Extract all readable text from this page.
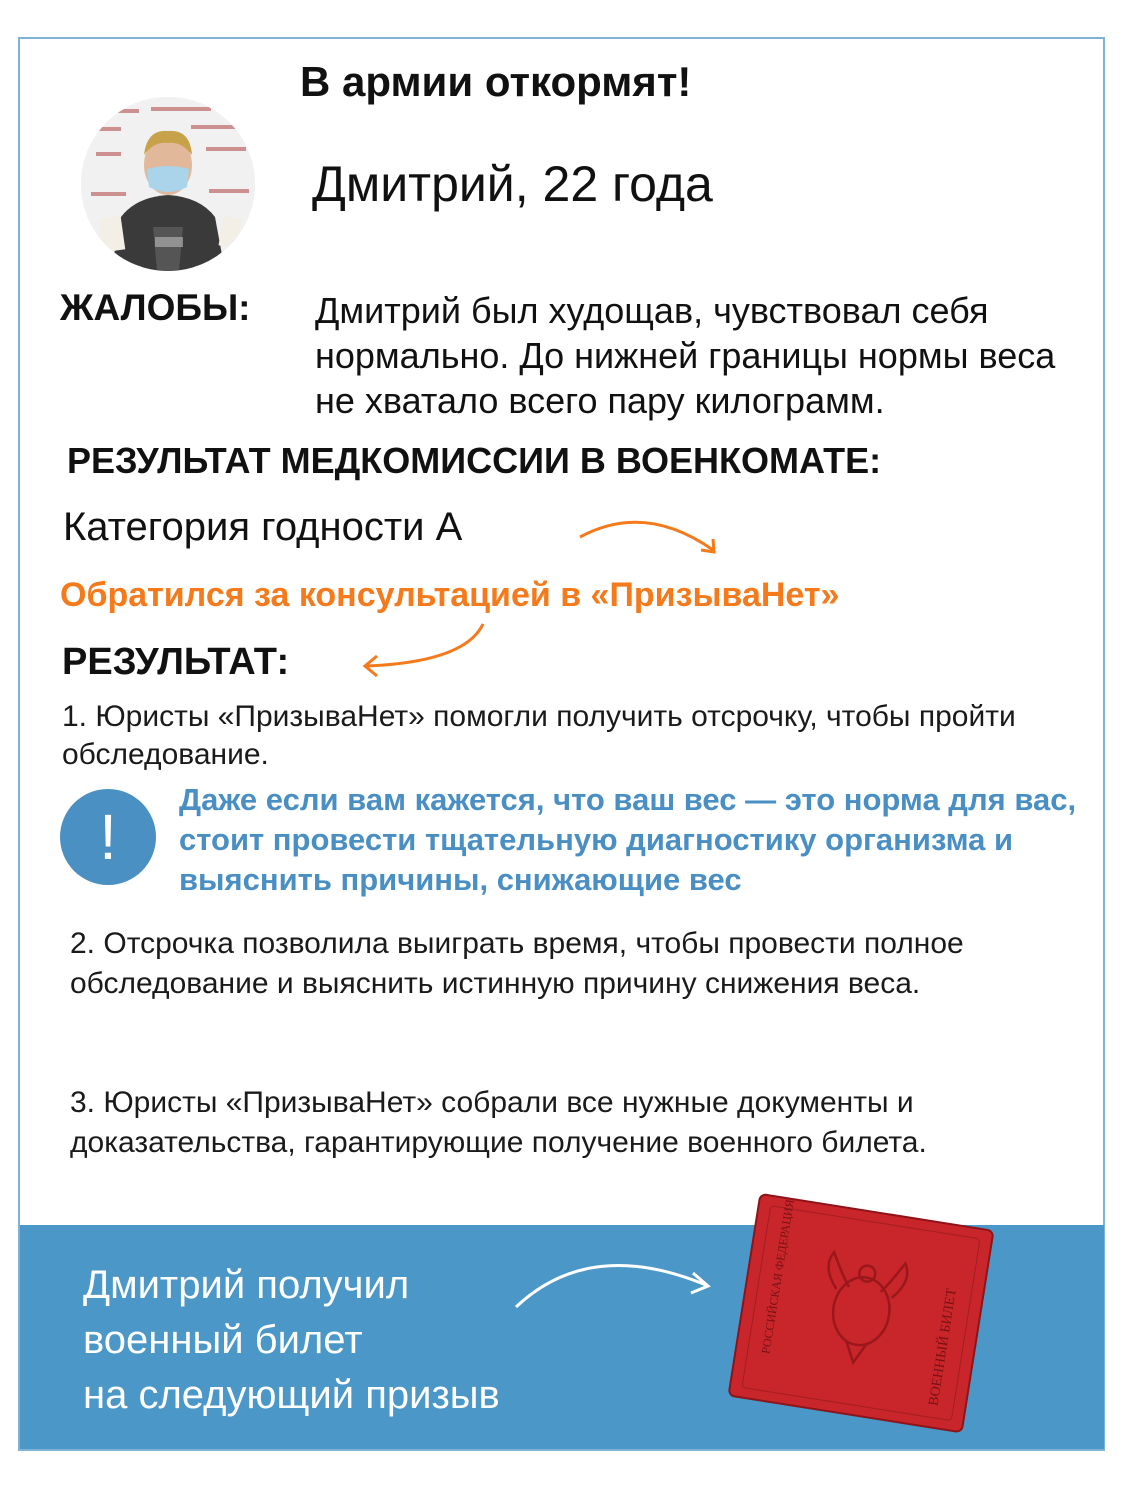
В армии откормят!
Дмитрий, 22 года
ЖАЛОБЫ: Дмитрий был худощав, чувствовал себя нормально. До нижней границы нормы веса не хватало всего пару килограмм.
РЕЗУЛЬТАТ МЕДКОМИССИИ В ВОЕНКОМАТЕ:
Категория годности А
Обратился за консультацией в «ПризываНет»
РЕЗУЛЬТАТ:
1. Юристы «ПризываНет» помогли получить отсрочку, чтобы пройти обследование.
!
Даже если вам кажется, что ваш вес — это норма для вас, стоит провести тщательную диагностику организма и выяснить причины, снижающие вес
2. Отсрочка позволила выиграть время, чтобы провести полное обследование и выяснить истинную причину снижения веса.
3. Юристы «ПризываНет» собрали все нужные документы и доказательства, гарантирующие получение военного билета.
Дмитрий получил
военный билет
на следующий призыв
РОССИЙСКАЯ ФЕДЕРАЦИЯ	ВОЕННЫЙ БИЛЕТ
